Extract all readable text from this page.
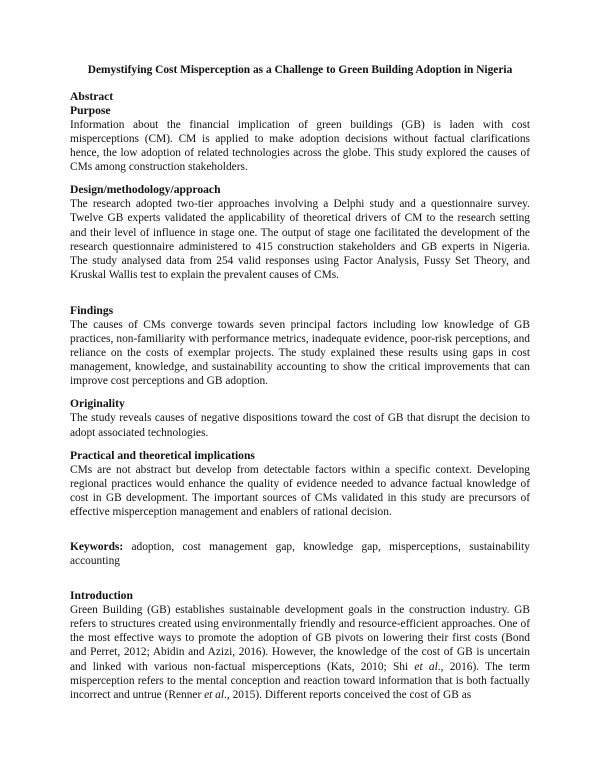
Demystifying Cost Misperception as a Challenge to Green Building Adoption in Nigeria
Abstract
Purpose

Information about the financial implication of green buildings (GB) is laden with cost misperceptions (CM). CM is applied to make adoption decisions without factual clarifications hence, the low adoption of related technologies across the globe. This study explored the causes of CMs among construction stakeholders.

Design/methodology/approach

The research adopted two-tier approaches involving a Delphi study and a questionnaire survey. Twelve GB experts validated the applicability of theoretical drivers of CM to the research setting and their level of influence in stage one. The output of stage one facilitated the development of the research questionnaire administered to 415 construction stakeholders and GB experts in Nigeria. The study analysed data from 254 valid responses using Factor Analysis, Fussy Set Theory, and Kruskal Wallis test to explain the prevalent causes of CMs.

Findings

The causes of CMs converge towards seven principal factors including low knowledge of GB practices, non-familiarity with performance metrics, inadequate evidence, poor-risk perceptions, and reliance on the costs of exemplar projects. The study explained these results using gaps in cost management, knowledge, and sustainability accounting to show the critical improvements that can improve cost perceptions and GB adoption.

Originality

The study reveals causes of negative dispositions toward the cost of GB that disrupt the decision to adopt associated technologies.

Practical and theoretical implications

CMs are not abstract but develop from detectable factors within a specific context. Developing regional practices would enhance the quality of evidence needed to advance factual knowledge of cost in GB development. The important sources of CMs validated in this study are precursors of effective misperception management and enablers of rational decision.

Keywords: adoption, cost management gap, knowledge gap, misperceptions, sustainability accounting

Introduction

Green Building (GB) establishes sustainable development goals in the construction industry. GB refers to structures created using environmentally friendly and resource-efficient approaches. One of the most effective ways to promote the adoption of GB pivots on lowering their first costs (Bond and Perret, 2012; Abidin and Azizi, 2016). However, the knowledge of the cost of GB is uncertain and linked with various non-factual misperceptions (Kats, 2010; Shi et al., 2016). The term misperception refers to the mental conception and reaction toward information that is both factually incorrect and untrue (Renner et al., 2015). Different reports conceived the cost of GB as
